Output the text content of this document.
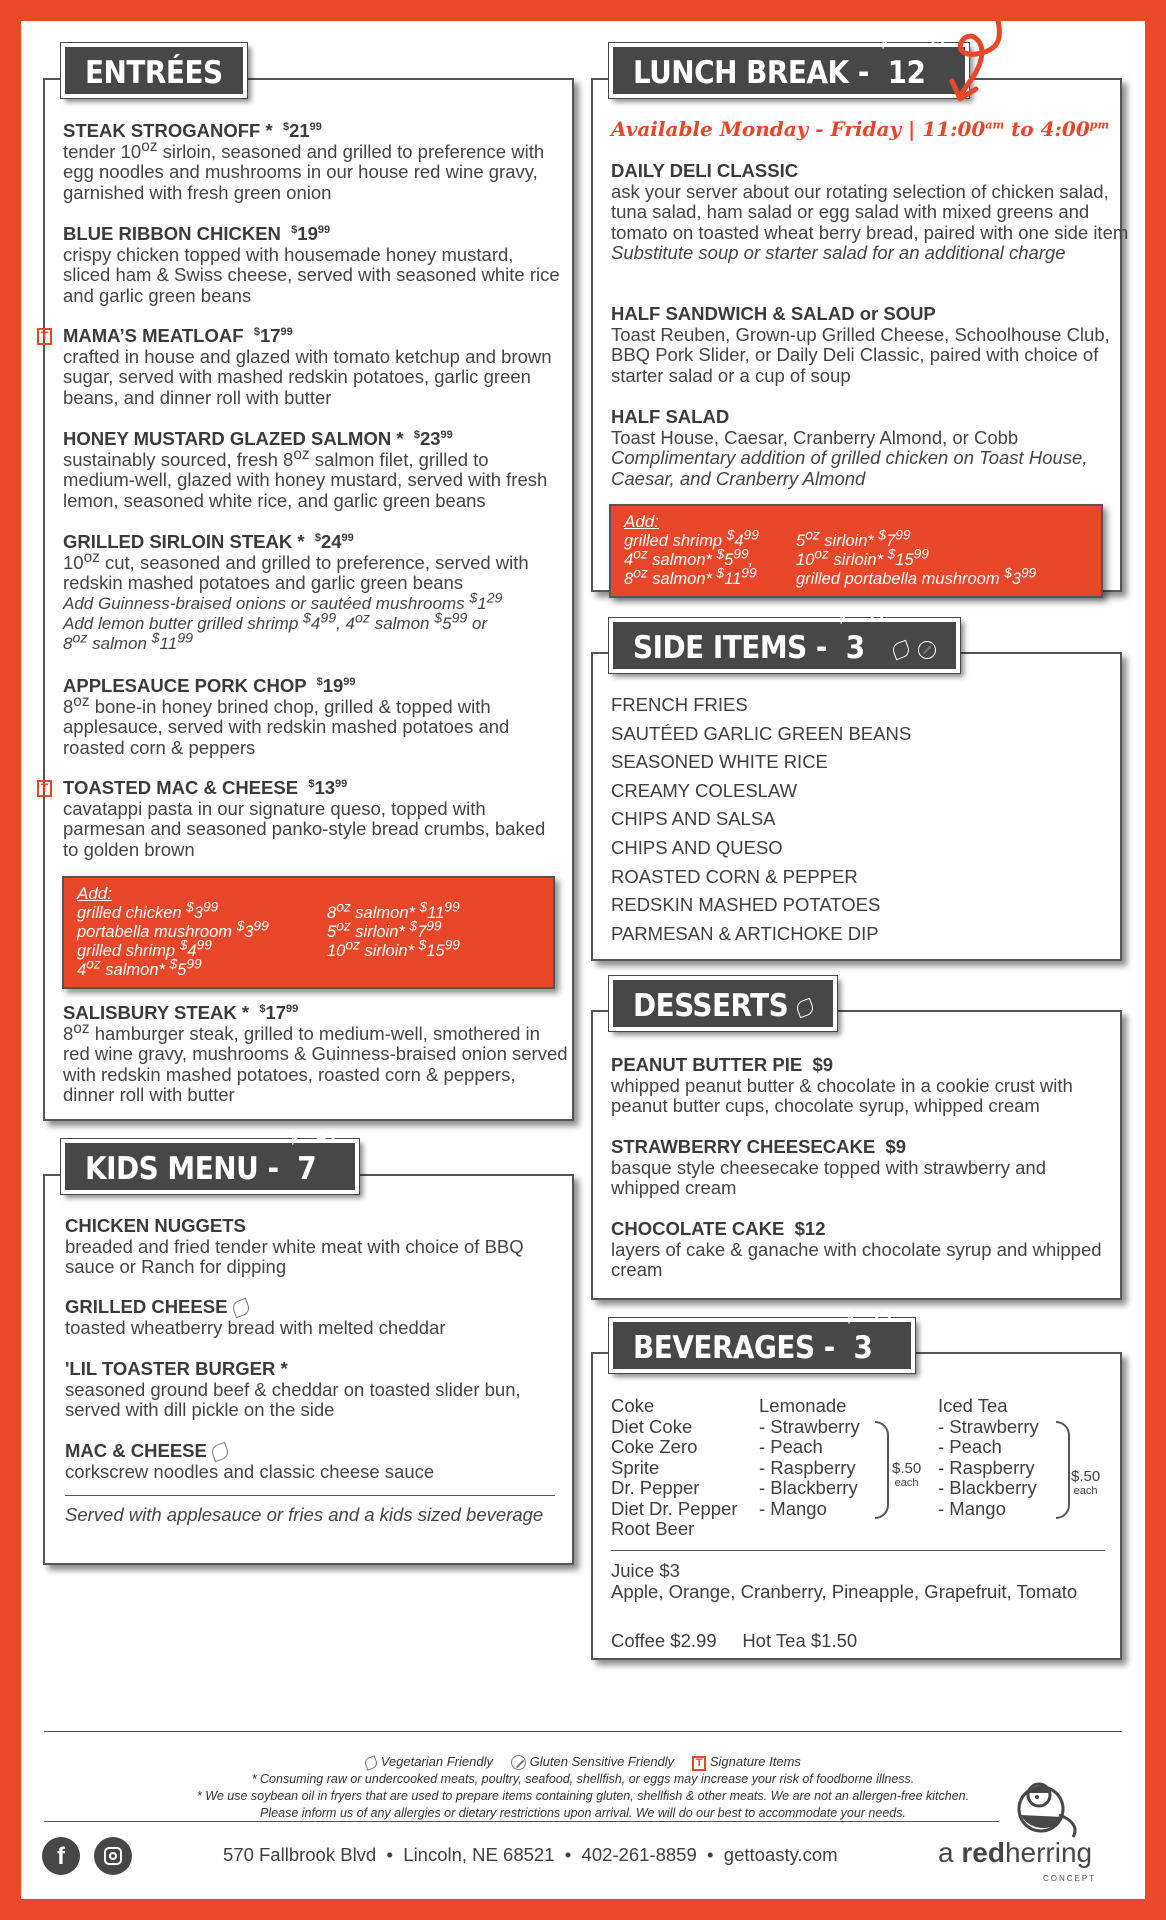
ENTRÉES
STEAK STROGANOFF *  $^{\$}21^{99}$
tender $10^{oz}$ sirloin, seasoned and grilled to preference with egg noodles and mushrooms in our house red wine gravy, garnished with fresh green onion
BLUE RIBBON CHICKEN  $^{\$}19^{99}$
crispy chicken topped with housemade honey mustard, sliced ham & Swiss cheese, served with seasoned white rice and garlic green beans
T MAMA’S MEATLOAF  $^{\$}17^{99}$
crafted in house and glazed with tomato ketchup and brown sugar, served with mashed redskin potatoes, garlic green beans, and dinner roll with butter
HONEY MUSTARD GLAZED SALMON *  $^{\$}23^{99}$
sustainably sourced, fresh $8^{oz}$ salmon filet, grilled to medium-well, glazed with honey mustard, served with fresh lemon, seasoned white rice, and garlic green beans
GRILLED SIRLOIN STEAK *  $^{\$}24^{99}$
$10^{oz}$ cut, seasoned and grilled to preference, served with redskin mashed potatoes and garlic green beans
Add Guinness-braised onions or sautéed mushrooms $^{\$}1^{29}$
Add lemon butter grilled shrimp $^{\$}4^{99}$, $4^{oz}$ salmon $^{\$}5^{99}$ or
$8^{oz}$ salmon $^{\$}11^{99}$
APPLESAUCE PORK CHOP  $^{\$}19^{99}$
$8^{oz}$ bone-in honey brined chop, grilled & topped with applesauce, served with redskin mashed potatoes and roasted corn & peppers
T TOASTED MAC & CHEESE  $^{\$}13^{99}$
cavatappi pasta in our signature queso, topped with parmesan and seasoned panko-style bread crumbs, baked to golden brown
Add:
grilled chicken $^{\$}3^{99}$
portabella mushroom $^{\$}3^{99}$
grilled shrimp $^{\$}4^{99}$
$4^{oz}$ salmon* $^{\$}5^{99}$
$8^{oz}$ salmon* $^{\$}11^{99}$
$5^{oz}$ sirloin* $^{\$}7^{99}$
$10^{oz}$ sirloin* $^{\$}15^{99}$
SALISBURY STEAK *  $^{\$}17^{99}$
$8^{oz}$ hamburger steak, grilled to medium-well, smothered in red wine gravy, mushrooms & Guinness-braised onion served with redskin mashed potatoes, roasted corn & peppers, dinner roll with butter
KIDS MENU - $^{\$}7^{49}$
CHICKEN NUGGETS
breaded and fried tender white meat with choice of BBQ sauce or Ranch for dipping
GRILLED CHEESE
toasted wheatberry bread with melted cheddar
'LIL TOASTER BURGER *
seasoned ground beef & cheddar on toasted slider bun, served with dill pickle on the side
MAC & CHEESE
corkscrew noodles and classic cheese sauce
Served with applesauce or fries and a kids sized beverage
LUNCH BREAK - $^{\$}12^{99}$
Available Monday - Friday | $11:00^{am}$ to $4:00^{pm}$
DAILY DELI CLASSIC
ask your server about our rotating selection of chicken salad, tuna salad, ham salad or egg salad with mixed greens and tomato on toasted wheat berry bread, paired with one side item
Substitute soup or starter salad for an additional charge
HALF SANDWICH & SALAD or SOUP
Toast Reuben, Grown-up Grilled Cheese, Schoolhouse Club, BBQ Pork Slider, or Daily Deli Classic, paired with choice of starter salad or a cup of soup
HALF SALAD
Toast House, Caesar, Cranberry Almond, or Cobb
Complimentary addition of grilled chicken on Toast House, Caesar, and Cranberry Almond
Add:
grilled shrimp $^{\$}4^{99}$
$4^{oz}$ salmon* $^{\$}5^{99}$,
$8^{oz}$ salmon* $^{\$}11^{99}$
$5^{oz}$ sirloin* $^{\$}7^{99}$
$10^{oz}$ sirloin* $^{\$}15^{99}$
grilled portabella mushroom $^{\$}3^{99}$
SIDE ITEMS - $^{\$}3^{99}$
FRENCH FRIES
SAUTÉED GARLIC GREEN BEANS
SEASONED WHITE RICE
CREAMY COLESLAW
CHIPS AND SALSA
CHIPS AND QUESO
ROASTED CORN & PEPPER
REDSKIN MASHED POTATOES
PARMESAN & ARTICHOKE DIP
DESSERTS
PEANUT BUTTER PIE $9
whipped peanut butter & chocolate in a cookie crust with peanut butter cups, chocolate syrup, whipped cream
STRAWBERRY CHEESECAKE $9
basque style cheesecake topped with strawberry and whipped cream
CHOCOLATE CAKE $12
layers of cake & ganache with chocolate syrup and whipped cream
BEVERAGES - $^{\$}3^{29}$
Coke
Diet Coke
Coke Zero
Sprite
Dr. Pepper
Diet Dr. Pepper
Root Beer
Lemonade
- Strawberry
- Peach
- Raspberry
- Blackberry
- Mango
$.50
each
Iced Tea
- Strawberry
- Peach
- Raspberry
- Blackberry
- Mango
$.50
each
Juice $3
Apple, Orange, Cranberry, Pineapple, Grapefruit, Tomato
Coffee $2.99 Hot Tea $1.50
Vegetarian Friendly	Gluten Sensitive Friendly T Signature Items
* Consuming raw or undercooked meats, poultry, seafood, shellfish, or eggs may increase your risk of foodborne illness.
* We use soybean oil in fryers that are used to prepare items containing gluten, shellfish & other meats. We are not an allergen-free kitchen.
Please inform us of any allergies or dietary restrictions upon arrival. We will do our best to accommodate your needs.
f	570 Fallbrook Blvd  •  Lincoln, NE 68521  •  402-261-8859  •  gettoasty.com	a redherring
CONCEPT
